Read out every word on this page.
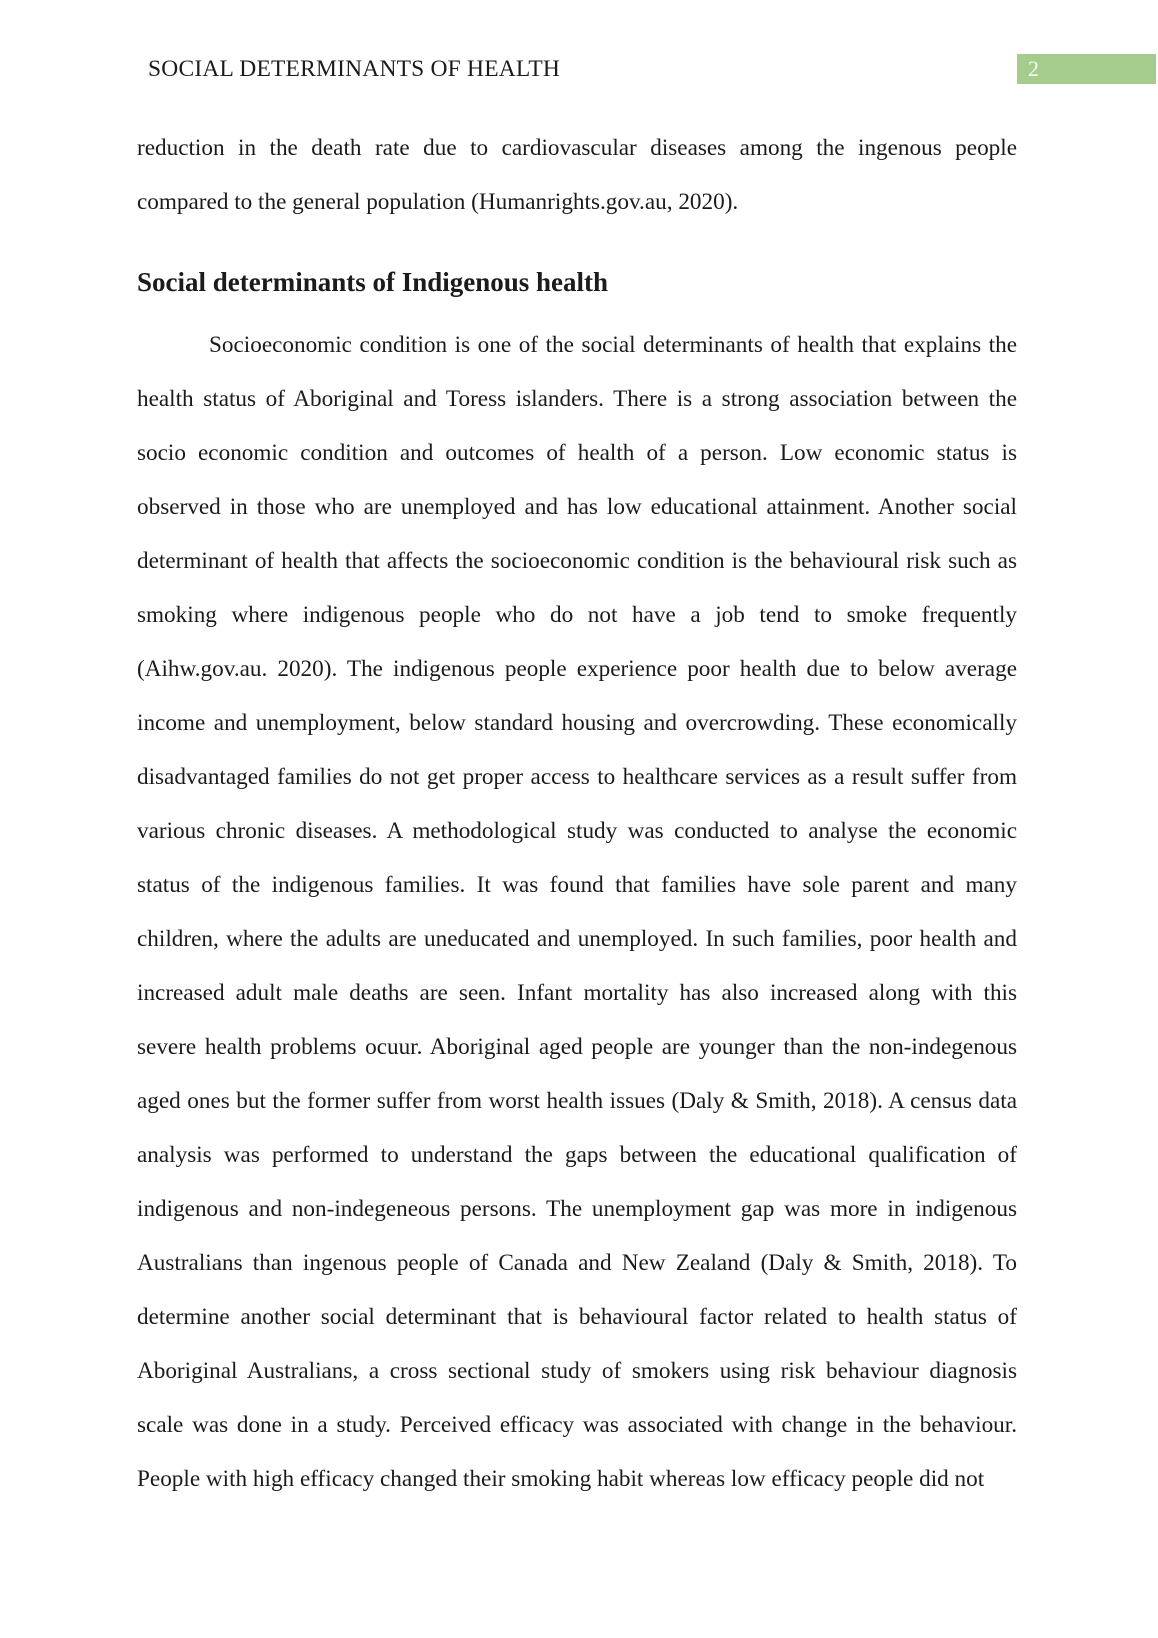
SOCIAL DETERMINANTS OF HEALTH	2
reduction in the death rate due to cardiovascular diseases among the ingenous people
compared to the general population (Humanrights.gov.au, 2020).
Social determinants of Indigenous health
Socioeconomic condition is one of the social determinants of health that explains the
health status of Aboriginal and Toress islanders. There is a strong association between the
socio economic condition and outcomes of health of a person. Low economic status is
observed in those who are unemployed and has low educational attainment. Another social
determinant of health that affects the socioeconomic condition is the behavioural risk such as
smoking where indigenous people who do not have a job tend to smoke frequently
(Aihw.gov.au. 2020). The indigenous people experience poor health due to below average
income and unemployment, below standard housing and overcrowding. These economically
disadvantaged families do not get proper access to healthcare services as a result suffer from
various chronic diseases. A methodological study was conducted to analyse the economic
status of the indigenous families. It was found that families have sole parent and many
children, where the adults are uneducated and unemployed. In such families, poor health and
increased adult male deaths are seen. Infant mortality has also increased along with this
severe health problems ocuur. Aboriginal aged people are younger than the non-indegenous
aged ones but the former suffer from worst health issues (Daly & Smith, 2018). A census data
analysis was performed to understand the gaps between the educational qualification of
indigenous and non-indegeneous persons. The unemployment gap was more in indigenous
Australians than ingenous people of Canada and New Zealand (Daly & Smith, 2018). To
determine another social determinant that is behavioural factor related to health status of
Aboriginal Australians, a cross sectional study of smokers using risk behaviour diagnosis
scale was done in a study. Perceived efficacy was associated with change in the behaviour.
People with high efficacy changed their smoking habit whereas low efficacy people did not
